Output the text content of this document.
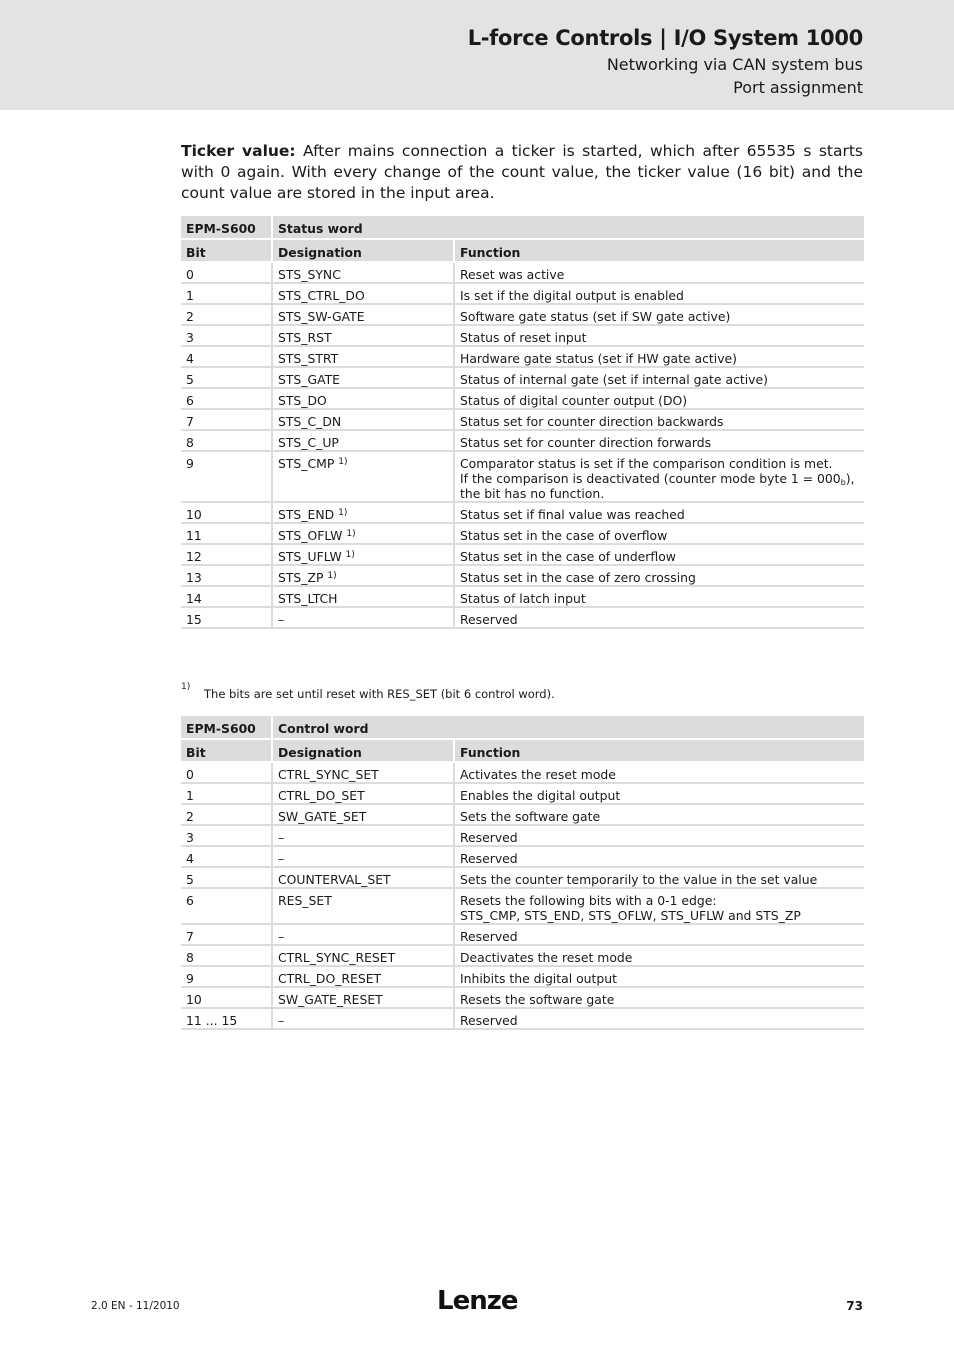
L-force Controls | I/O System 1000
Networking via CAN system bus
Port assignment

Ticker value: After mains connection a ticker is started, which after 65535 s starts with 0 again. With every change of the count value, the ticker value (16 bit) and the count value are stored in the input area.

EPM-S600	Status word	
Bit	Designation	Function
0	STS_SYNC	Reset was active
1	STS_CTRL_DO	Is set if the digital output is enabled
2	STS_SW-GATE	Software gate status (set if SW gate active)
3	STS_RST	Status of reset input
4	STS_STRT	Hardware gate status (set if HW gate active)
5	STS_GATE	Status of internal gate (set if internal gate active)
6	STS_DO	Status of digital counter output (DO)
7	STS_C_DN	Status set for counter direction backwards
8	STS_C_UP	Status set for counter direction forwards
9	STS_CMP $^{1)}$	Comparator status is set if the comparison condition is met.
If the comparison is deactivated (counter mode byte $1 = 000_b$), the bit has no function.
10	STS_END $^{1)}$	Status set if final value was reached
11	STS_OFLW $^{1)}$	Status set in the case of overflow
12	STS_UFLW $^{1)}$	Status set in the case of underflow
13	STS_ZP $^{1)}$	Status set in the case of zero crossing
14	STS_LTCH	Status of latch input
15	–	Reserved
1) The bits are set until reset with RES_SET (bit 6 control word).
EPM-S600	Control word	
Bit	Designation	Function
0	CTRL_SYNC_SET	Activates the reset mode
1	CTRL_DO_SET	Enables the digital output
2	SW_GATE_SET	Sets the software gate
3	–	Reserved
4	–	Reserved
5	COUNTERVAL_SET	Sets the counter temporarily to the value in the set value
6	RES_SET	Resets the following bits with a 0-1 edge:
STS_CMP, STS_END, STS_OFLW, STS_UFLW and STS_ZP
7	–	Reserved
8	CTRL_SYNC_RESET	Deactivates the reset mode
9	CTRL_DO_RESET	Inhibits the digital output
10	SW_GATE_RESET	Resets the software gate
11 ... 15	–	Reserved
2.0 EN - 11/2010	Lenze	73
